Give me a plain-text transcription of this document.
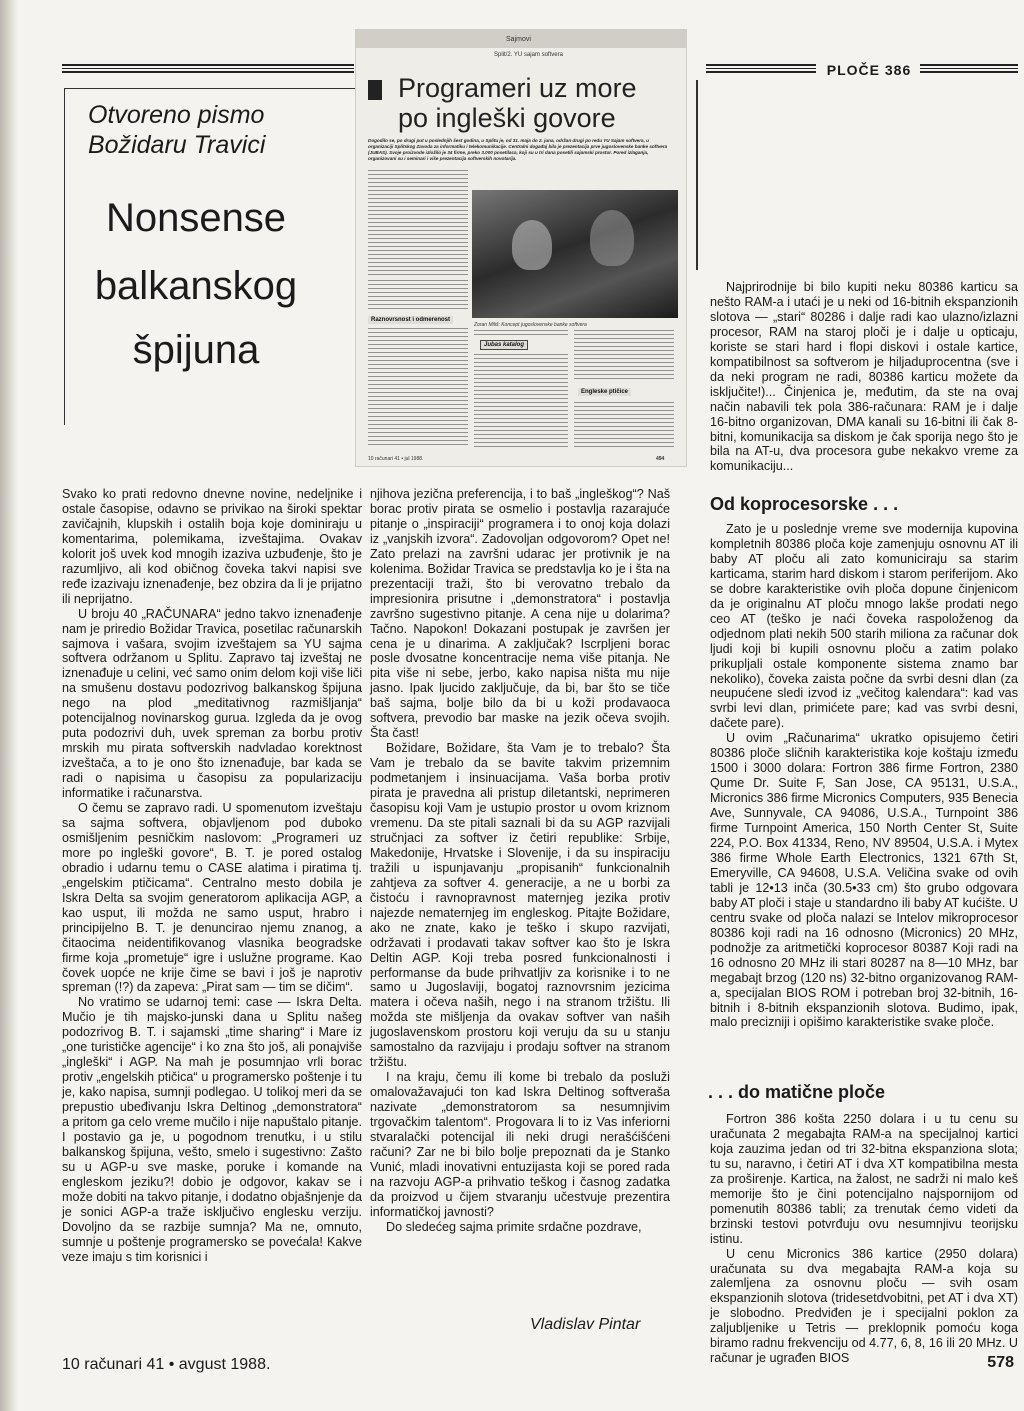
PLOČE 386
Otvoreno pismo
Božidaru Travici
Nonsense
balkanskog
špijuna
Sajmovi
Split/2. YU sajam softvera
Programeri uz more
po ingleški govore
Dogodilo se, po drugi put u poslednjih šest godina, u Splitu je, od 31. maja do 2. juna, održan drugi po redu YU Sajam softvera, u organizaciji Splitskog Zavoda za informatiku i telekomunikacije. Centralni događaj bila je prezentacija prve jugoslovenske banke softvera (JUBAS). Svoje proizvode izložilo je 34 firme, preko 3.000 posetilaca, koji su u tri dana posetili sajamski prostor. Pored izlaganja, organizovani su i seminari i više prezentacija softverskih novotarija.
Raznovrsnost i odmerenost
Zoran Miliš: Koncept jugoslovenske banke softvera
Jubas katalog
Engleske ptičice
10 računari 41 • jul 1988.	494

Svako ko prati redovno dnevne novine, nedeljnike i ostale časopise, odavno se privikao na široki spektar zavičajnih, klupskih i ostalih boja koje dominiraju u komentarima, polemikama, izveštajima. Ovakav kolorit još uvek kod mnogih izaziva uzbuđenje, što je razumljivo, ali kod običnog čoveka takvi napisi sve ređe izazivaju iznenađenje, bez obzira da li je prijatno ili neprijatno.

U broju 40 „RAČUNARA“ jedno takvo iznenađenje nam je priredio Božidar Travica, posetilac računarskih sajmova i vašara, svojim izveštajem sa YU sajma softvera održanom u Splitu. Zapravo taj izveštaj ne iznenađuje u celini, već samo onim delom koji više liči na smušenu dostavu podozrivog balkanskog špijuna nego na plod „meditativnog razmišljanja“ potencijalnog novinarskog gurua. Izgleda da je ovog puta podozrivi duh, uvek spreman za borbu protiv mrskih mu pirata softverskih nadvladao korektnost izveštača, a to je ono što iznenađuje, bar kada se radi o napisima u časopisu za popularizaciju informatike i računarstva.

O čemu se zapravo radi. U spomenutom izveštaju sa sajma softvera, objavljenom pod duboko osmišljenim pesničkim naslovom: „Programeri uz more po ingleški govore“, B. T. je pored ostalog obradio i udarnu temu o CASE alatima i piratima tj. „engelskim ptičicama“. Centralno mesto dobila je Iskra Delta sa svojim generatorom aplikacija AGP, a kao usput, ili možda ne samo usput, hrabro i principijelno B. T. je denuncirao njemu znanog, a čitaocima neidentifikovanog vlasnika beogradske firme koja „prometuje“ igre i uslužne programe. Kao čovek uopće ne krije čime se bavi i još je naprotiv spreman (!?) da zapeva: „Pirat sam — tim se dičim“.

No vratimo se udarnoj temi: case — Iskra Delta. Mučio je tih majsko-junski dana u Splitu našeg podozrivog B. T. i sajamski „time sharing“ i Mare iz „one turističke agencije“ i ko zna što još, ali ponajviše „ingleški“ i AGP. Na mah je posumnjao vrli borac protiv „engelskih ptičica“ u programersko poštenje i tu je, kako napisa, sumnji podlegao. U tolikoj meri da se prepustio ubeđivanju Iskra Deltinog „demonstratora“ a pritom ga celo vreme mučilo i nije napuštalo pitanje. I postavio ga je, u pogodnom trenutku, i u stilu balkanskog špijuna, vešto, smelo i sugestivno: Zašto su u AGP-u sve maske, poruke i komande na engleskom jeziku?! dobio je odgovor, kakav se i može dobiti na takvo pitanje, i dodatno objašnjenje da je sonici AGP-a traže isključivo englesku verziju. Dovoljno da se razbije sumnja? Ma ne, omnuto, sumnje u poštenje programersko se povećala! Kakve veze imaju s tim korisnici i

njihova jezična preferencija, i to baš „ingleškog“? Naš borac protiv pirata se osmelio i postavlja razarajuće pitanje o „inspiraciji“ programera i to onoj koja dolazi iz „vanjskih izvora“. Zadovoljan odgovorom? Opet ne! Zato prelazi na završni udarac jer protivnik je na kolenima. Božidar Travica se predstavlja ko je i šta na prezentaciji traži, što bi verovatno trebalo da impresionira prisutne i „demonstratora“ i postavlja završno sugestivno pitanje. A cena nije u dolarima? Tačno. Napokon! Dokazani postupak je završen jer cena je u dinarima. A zaključak? Iscrpljeni borac posle dvosatne koncentracije nema više pitanja. Ne pita više ni sebe, jerbo, kako napisa ništa mu nije jasno. Ipak ljucido zaključuje, da bi, bar što se tiče baš sajma, bolje bilo da bi u koži prodavaoca softvera, prevodio bar maske na jezik očeva svojih. Šta čast!

Božidare, Božidare, šta Vam je to trebalo? Šta Vam je trebalo da se bavite takvim prizemnim podmetanjem i insinuacijama. Vaša borba protiv pirata je pravedna ali pristup diletantski, neprimeren časopisu koji Vam je ustupio prostor u ovom kriznom vremenu. Da ste pitali saznali bi da su AGP razvijali stručnjaci za softver iz četiri republike: Srbije, Makedonije, Hrvatske i Slovenije, i da su inspiraciju tražili u ispunjavanju „propisanih“ funkcionalnih zahtjeva za softver 4. generacije, a ne u borbi za čistoću i ravnopravnost maternjeg jezika protiv najezde nematernjeg im engleskog. Pitajte Božidare, ako ne znate, kako je teško i skupo razvijati, održavati i prodavati takav softver kao što je Iskra Deltin AGP. Koji treba posred funkcionalnosti i performanse da bude prihvatljiv za korisnike i to ne samo u Jugoslaviji, bogatoj raznovrsnim jezicima matera i očeva naših, nego i na stranom tržištu. Ili možda ste mišljenja da ovakav softver van naših jugoslavenskom prostoru koji veruju da su u stanju samostalno da razvijaju i prodaju softver na stranom tržištu.

I na kraju, čemu ili kome bi trebalo da posluži omalovažavajući ton kad Iskra Deltinog softveraša nazivate „demonstratorom sa nesumnjivim trgovačkim talentom“. Progovara li to iz Vas inferiorni stvaralački potencijal ili neki drugi nerašćišćeni računi? Zar ne bi bilo bolje prepoznati da je Stanko Vunić, mladi inovativni entuzijasta koji se pored rada na razvoju AGP-a prihvatio teškog i časnog zadatka da proizvod u čijem stvaranju učestvuje prezentira informatičkoj javnosti?

Do sledećeg sajma primite srdačne pozdrave,

Vladislav Pintar

Najprirodnije bi bilo kupiti neku 80386 karticu sa nešto RAM-a i utaći je u neki od 16-bitnih ekspanzionih slotova — „stari“ 80286 i dalje radi kao ulazno/izlazni procesor, RAM na staroj ploči je i dalje u opticaju, koriste se stari hard i flopi diskovi i ostale kartice, kompatibilnost sa softverom je hiljaduprocentna (sve i da neki program ne radi, 80386 karticu možete da isključite!)... Činjenica je, međutim, da ste na ovaj način nabavili tek pola 386-računara: RAM je i dalje 16-bitno organizovan, DMA kanali su 16-bitni ili čak 8-bitni, komunikacija sa diskom je čak sporija nego što je bila na AT-u, dva procesora gube nekakvo vreme za komunikaciju...

Od koprocesorske . . .

Zato je u poslednje vreme sve modernija kupovina kompletnih 80386 ploča koje zamenjuju osnovnu AT ili baby AT ploču ali zato komuniciraju sa starim karticama, starim hard diskom i starom periferijom. Ako se dobre karakteristike ovih ploča dopune činjenicom da je originalnu AT ploču mnogo lakše prodati nego ceo AT (teško je naći čoveka raspoloženog da odjednom plati nekih 500 starih miliona za računar dok ljudi koji bi kupili osnovnu ploču a zatim polako prikupljali ostale komponente sistema znamo bar nekoliko), čoveka zaista počne da svrbi desni dlan (za neupućene sledi izvod iz „večitog kalendara“: kad vas svrbi levi dlan, primićete pare; kad vas svrbi desni, dačete pare).

U ovim „Računarima“ ukratko opisujemo četiri 80386 ploče sličnih karakteristika koje koštaju između 1500 i 3000 dolara: Fortron 386 firme Fortron, 2380 Qume Dr. Suite F, San Jose, CA 95131, U.S.A., Micronics 386 firme Micronics Computers, 935 Benecia Ave, Sunnyvale, CA 94086, U.S.A., Turnpoint 386 firme Turnpoint America, 150 North Center St, Suite 224, P.O. Box 41334, Reno, NV 89504, U.S.A. i Mytex 386 firme Whole Earth Electronics, 1321 67th St, Emeryville, CA 94608, U.S.A. Veličina svake od ovih tabli je 12•13 inča (30.5•33 cm) što grubo odgovara baby AT ploči i staje u standardno ili baby AT kućište. U centru svake od ploča nalazi se Intelov mikroprocesor 80386 koji radi na 16 odnosno (Micronics) 20 MHz, podnožje za aritmetički koprocesor 80387 Koji radi na 16 odnosno 20 MHz ili stari 80287 na 8—10 MHz, bar megabajt brzog (120 ns) 32-bitno organizovanog RAM-a, specijalan BIOS ROM i potreban broj 32-bitnih, 16-bitnih i 8-bitnih ekspanzionih slotova. Budimo, ipak, malo precizniji i opišimo karakteristike svake ploče.

. . . do matične ploče

Fortron 386 košta 2250 dolara i u tu cenu su uračunata 2 megabajta RAM-a na specijalnoj kartici koja zauzima jedan od tri 32-bitna ekspanziona slota; tu su, naravno, i četiri AT i dva XT kompatibilna mesta za proširenje. Kartica, na žalost, ne sadrži ni malo keš memorije što je čini potencijalno najspornijom od pomenutih 80386 tabli; za trenutak ćemo videti da brzinski testovi potvrđuju ovu nesumnjivu teorijsku istinu.

U cenu Micronics 386 kartice (2950 dolara) uračunata su dva megabajta RAM-a koja su zalemljena za osnovnu ploču — svih osam ekspanzionih slotova (tridesetdvobitni, pet AT i dva XT) je slobodno. Predviđen je i specijalni poklon za zaljubljenike u Tetris — preklopnik pomoću koga biramo radnu frekvenciju od 4.77, 6, 8, 16 ili 20 MHz. U računar je ugrađen BIOS

10 računari 41 • avgust 1988.	578
